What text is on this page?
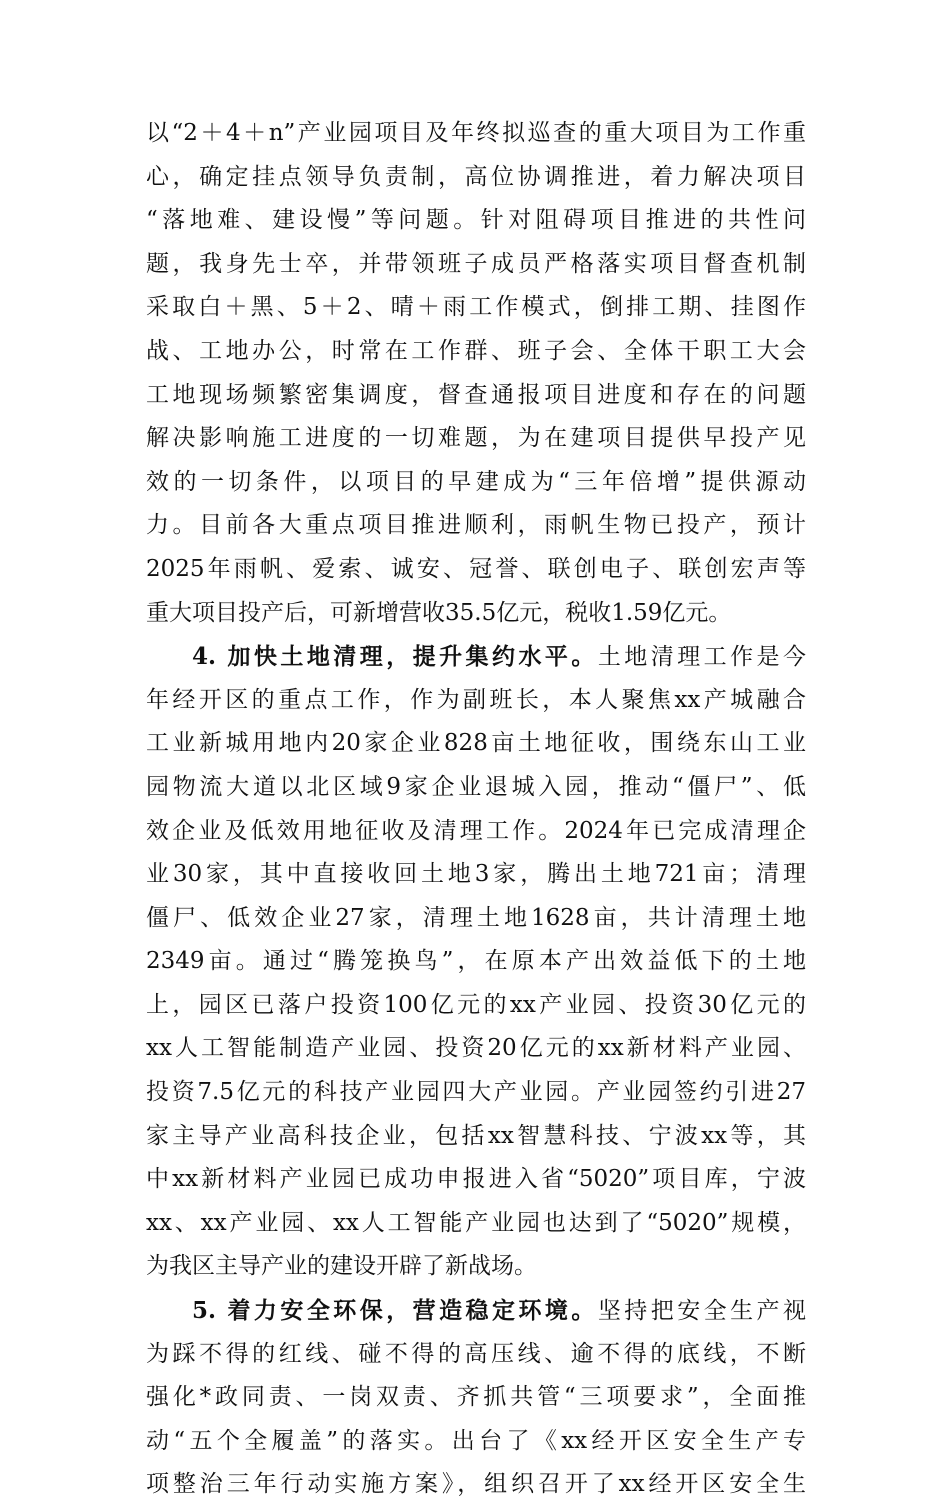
以“2＋4＋n”产业园项目及年终拟巡查的重大项目为工作重
心，确定挂点领导负责制，高位协调推进，着力解决项目
“落地难、建设慢”等问题。针对阻碍项目推进的共性问
题，我身先士卒，并带领班子成员严格落实项目督查机制
采取白＋黑、5＋2、晴＋雨工作模式，倒排工期、挂图作
战、工地办公，时常在工作群、班子会、全体干职工大会
工地现场频繁密集调度，督查通报项目进度和存在的问题
解决影响施工进度的一切难题，为在建项目提供早投产见
效的一切条件，以项目的早建成为“三年倍增”提供源动
力。目前各大重点项目推进顺利，雨帆生物已投产，预计
2025年雨帆、爱索、诚安、冠誉、联创电子、联创宏声等
重大项目投产后，可新增营收35.5亿元，税收1.59亿元。
4. 加快土地清理，提升集约水平。土地清理工作是今
年经开区的重点工作，作为副班长，本人聚焦xx产城融合
工业新城用地内20家企业828亩土地征收，围绕东山工业
园物流大道以北区域9家企业退城入园，推动“僵尸”、低
效企业及低效用地征收及清理工作。2024年已完成清理企
业30家，其中直接收回土地3家，腾出土地721亩；清理
僵尸、低效企业27家，清理土地1628亩，共计清理土地
2349亩。通过“腾笼换鸟”，在原本产出效益低下的土地
上，园区已落户投资100亿元的xx产业园、投资30亿元的
xx人工智能制造产业园、投资20亿元的xx新材料产业园、
投资7.5亿元的科技产业园四大产业园。产业园签约引进27
家主导产业高科技企业，包括xx智慧科技、宁波xx等，其
中xx新材料产业园已成功申报进入省“5020”项目库，宁波
xx、xx产业园、xx人工智能产业园也达到了“5020”规模，
为我区主导产业的建设开辟了新战场。
5. 着力安全环保，营造稳定环境。坚持把安全生产视
为踩不得的红线、碰不得的高压线、逾不得的底线，不断
强化*政同责、一岗双责、齐抓共管“三项要求”，全面推
动“五个全履盖”的落实。出台了《xx经开区安全生产专
项整治三年行动实施方案》，组织召开了xx经开区安全生
